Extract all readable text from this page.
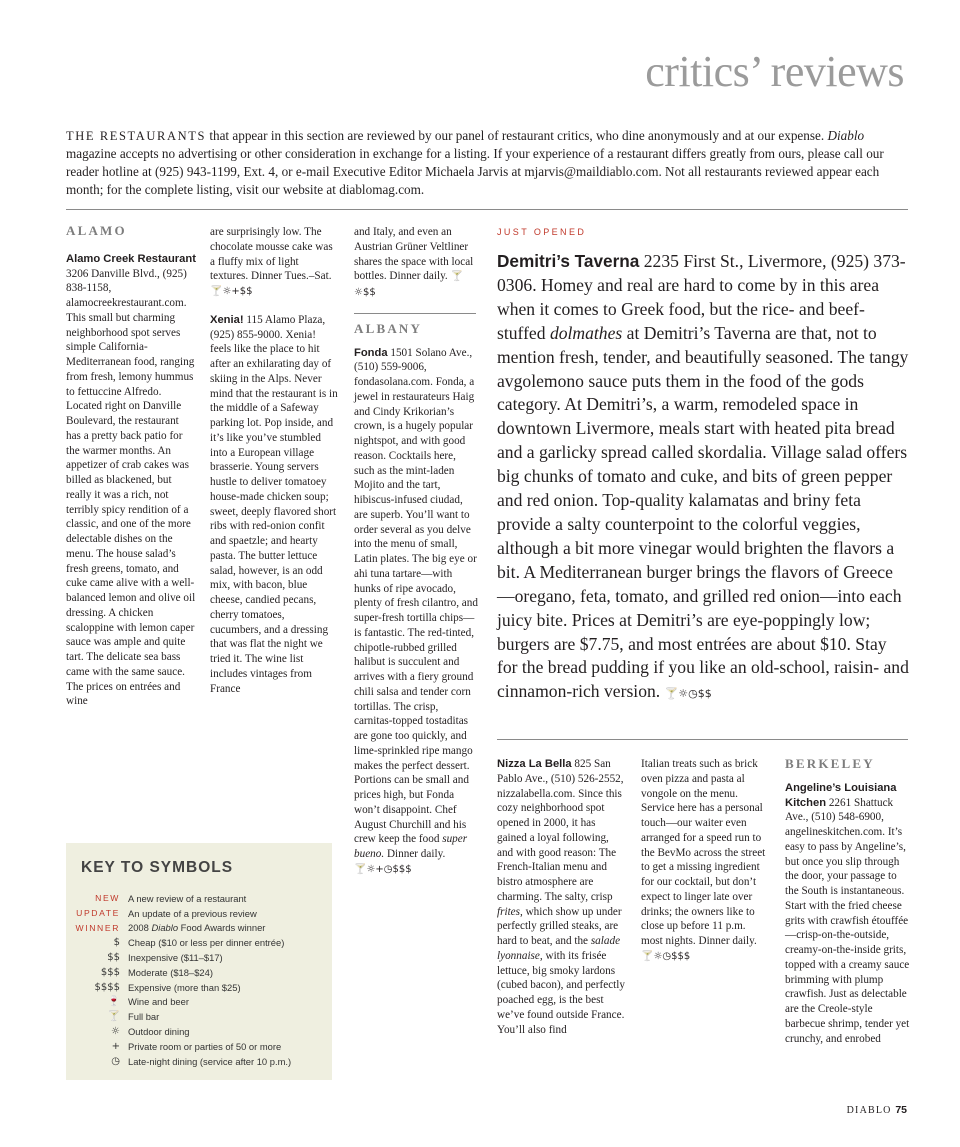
critics’ reviews
THE RESTAURANTS that appear in this section are reviewed by our panel of restaurant critics, who dine anonymously and at our expense. Diablo magazine accepts no advertising or other consideration in exchange for a listing. If your experience of a restaurant differs greatly from ours, please call our reader hotline at (925) 943-1199, Ext. 4, or e-mail Executive Editor Michaela Jarvis at mjarvis@maildiablo.com. Not all restaurants reviewed appear each month; for the complete listing, visit our website at diablomag.com.
ALAMO

Alamo Creek Restaurant 3206 Danville Blvd., (925) 838-1158, alamocreekrestaurant.com. This small but charming neighborhood spot serves simple California-Mediterranean food, ranging from fresh, lemony hummus to fettuccine Alfredo. Located right on Danville Boulevard, the restaurant has a pretty back patio for the warmer months. An appetizer of crab cakes was billed as blackened, but really it was a rich, not terribly spicy rendition of a classic, and one of the more delectable dishes on the menu. The house salad’s fresh greens, tomato, and cuke came alive with a well-balanced lemon and olive oil dressing. A chicken scaloppine with lemon caper sauce was ample and quite tart. The delicate sea bass came with the same sauce. The prices on entrées and wine

are surprisingly low. The chocolate mousse cake was a fluffy mix of light textures. Dinner Tues.–Sat. 🍸☼+$$

Xenia! 115 Alamo Plaza, (925) 855-9000. Xenia! feels like the place to hit after an exhilarating day of skiing in the Alps. Never mind that the restaurant is in the middle of a Safeway parking lot. Pop inside, and it’s like you’ve stumbled into a European village brasserie. Young servers hustle to deliver tomatoey house-made chicken soup; sweet, deeply flavored short ribs with red-onion confit and spaetzle; and hearty pasta. The butter lettuce salad, however, is an odd mix, with bacon, blue cheese, candied pecans, cherry tomatoes, cucumbers, and a dressing that was flat the night we tried it. The wine list includes vintages from France

and Italy, and even an Austrian Grüner Veltliner shares the space with local bottles. Dinner daily. 🍸☼$$

ALBANY

Fonda 1501 Solano Ave., (510) 559-9006, fondasolana.com. Fonda, a jewel in restaurateurs Haig and Cindy Krikorian’s crown, is a hugely popular nightspot, and with good reason. Cocktails here, such as the mint-laden Mojito and the tart, hibiscus-infused ciudad, are superb. You’ll want to order several as you delve into the menu of small, Latin plates. The big eye or ahi tuna tartare—with hunks of ripe avocado, plenty of fresh cilantro, and super-fresh tortilla chips—is fantastic. The red-tinted, chipotle-rubbed grilled halibut is succulent and arrives with a fiery ground chili salsa and tender corn tortillas. The crisp, carnitas-topped tostaditas are gone too quickly, and lime-sprinkled ripe mango makes the perfect dessert. Portions can be small and prices high, but Fonda won’t disappoint. Chef August Churchill and his crew keep the food super bueno. Dinner daily.
🍸☼+◷$$$

JUST OPENED
Demitri’s Taverna 2235 First St., Livermore, (925) 373-0306. Homey and real are hard to come by in this area when it comes to Greek food, but the rice- and beef-stuffed dolmathes at Demitri’s Taverna are that, not to mention fresh, tender, and beautifully seasoned. The tangy avgolemono sauce puts them in the food of the gods category. At Demitri’s, a warm, remodeled space in downtown Livermore, meals start with heated pita bread and a garlicky spread called skordalia. Village salad offers big chunks of tomato and cuke, and bits of green pepper and red onion. Top-quality kalamatas and briny feta provide a salty counterpoint to the colorful veggies, although a bit more vinegar would brighten the flavors a bit. A Mediterranean burger brings the flavors of Greece—oregano, feta, tomato, and grilled red onion—into each juicy bite. Prices at Demitri’s are eye-poppingly low; burgers are $7.75, and most entrées are about $10. Stay for the bread pudding if you like an old-school, raisin- and cinnamon-rich version. 🍸☼◷$$

Nizza La Bella 825 San Pablo Ave., (510) 526-2552, nizzalabella.com. Since this cozy neighborhood spot opened in 2000, it has gained a loyal following, and with good reason: The French-Italian menu and bistro atmosphere are charming. The salty, crisp frites, which show up under perfectly grilled steaks, are hard to beat, and the salade lyonnaise, with its frisée lettuce, big smoky lardons (cubed bacon), and perfectly poached egg, is the best we’ve found outside France. You’ll also find

Italian treats such as brick oven pizza and pasta al vongole on the menu. Service here has a personal touch—our waiter even arranged for a speed run to the BevMo across the street to get a missing ingredient for our cocktail, but don’t expect to linger late over drinks; the owners like to close up before 11 p.m. most nights. Dinner daily.
🍸☼◷$$$

BERKELEY

Angeline’s Louisiana Kitchen 2261 Shattuck Ave., (510) 548-6900, angelineskitchen.com. It’s easy to pass by Angeline’s, but once you slip through the door, your passage to the South is instantaneous. Start with the fried cheese grits with crawfish étouffée—crisp-on-the-outside, creamy-on-the-inside grits, topped with a creamy sauce brimming with plump crawfish. Just as delectable are the Creole-style barbecue shrimp, tender yet crunchy, and enrobed

KEY TO SYMBOLS
NEW A new review of a restaurant
UPDATE An update of a previous review
WINNER 2008 Diablo Food Awards winner
$ Cheap ($10 or less per dinner entrée)
$$ Inexpensive ($11–$17)
$$$ Moderate ($18–$24)
$$$$ Expensive (more than $25)
🍷 Wine and beer
🍸 Full bar
☼ Outdoor dining
+ Private room or parties of 50 or more
◷ Late-night dining (service after 10 p.m.)
DIABLO 75
